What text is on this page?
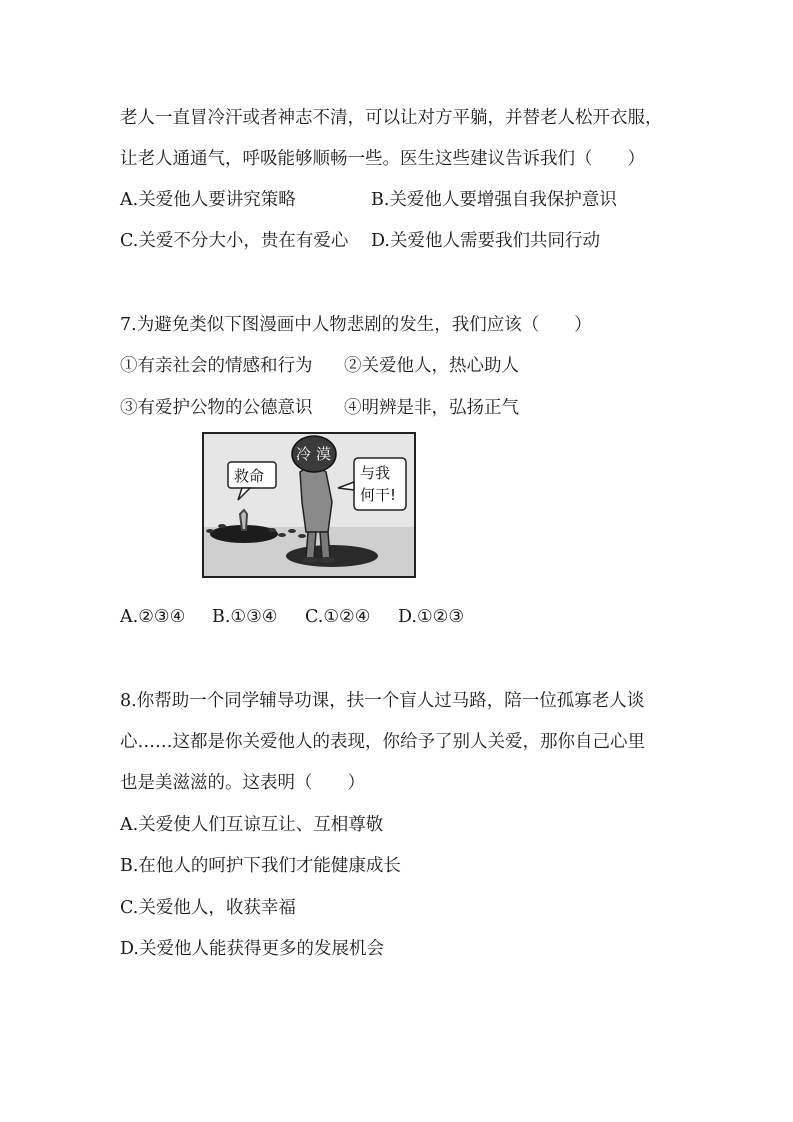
老人一直冒冷汗或者神志不清，可以让对方平躺，并替老人松开衣服，
让老人通通气，呼吸能够顺畅一些。医生这些建议告诉我们（　　）
A.关爱他人要讲究策略	B.关爱他人要增强自我保护意识
C.关爱不分大小，贵在有爱心 D.关爱他人需要我们共同行动
7.为避免类似下图漫画中人物悲剧的发生，我们应该（　　）
①有亲社会的情感和行为 ②关爱他人，热心助人
③有爱护公物的公德意识 ④明辨是非，弘扬正气
冷 漠
救命	与我
何干!
A.②③④ B.①③④ C.①②④ D.①②③
8.你帮助一个同学辅导功课，扶一个盲人过马路，陪一位孤寡老人谈
心……这都是你关爱他人的表现，你给予了别人关爱，那你自己心里
也是美滋滋的。这表明（　　）
A.关爱使人们互谅互让、互相尊敬
B.在他人的呵护下我们才能健康成长
C.关爱他人，收获幸福
D.关爱他人能获得更多的发展机会
